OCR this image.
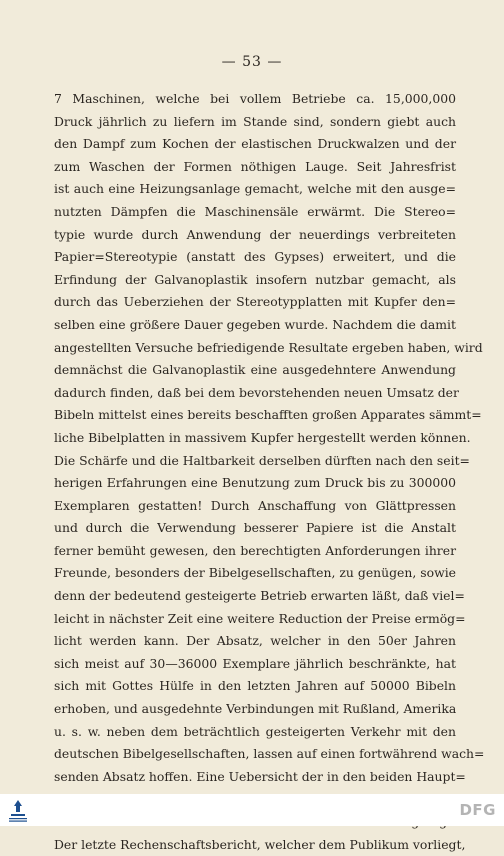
— 53 —
7 Maschinen, welche bei vollem Betriebe ca. 15,000,000
Druck jährlich zu liefern im Stande sind, sondern giebt auch
den Dampf zum Kochen der elastischen Druckwalzen und der
zum Waschen der Formen nöthigen Lauge. Seit Jahresfrist
ist auch eine Heizungsanlage gemacht, welche mit den ausge=
nutzten Dämpfen die Maschinensäle erwärmt. Die Stereo=
typie wurde durch Anwendung der neuerdings verbreiteten
Papier=Stereotypie (anstatt des Gypses) erweitert, und die
Erfindung der Galvanoplastik insofern nutzbar gemacht, als
durch das Ueberziehen der Stereotypplatten mit Kupfer den=
selben eine größere Dauer gegeben wurde. Nachdem die damit
angestellten Versuche befriedigende Resultate ergeben haben, wird
demnächst die Galvanoplastik eine ausgedehntere Anwendung
dadurch finden, daß bei dem bevorstehenden neuen Umsatz der
Bibeln mittelst eines bereits beschafften großen Apparates sämmt=
liche Bibelplatten in massivem Kupfer hergestellt werden können.
Die Schärfe und die Haltbarkeit derselben dürften nach den seit=
herigen Erfahrungen eine Benutzung zum Druck bis zu 300000
Exemplaren gestatten! Durch Anschaffung von Glättpressen
und durch die Verwendung besserer Papiere ist die Anstalt
ferner bemüht gewesen, den berechtigten Anforderungen ihrer
Freunde, besonders der Bibelgesellschaften, zu genügen, sowie
denn der bedeutend gesteigerte Betrieb erwarten läßt, daß viel=
leicht in nächster Zeit eine weitere Reduction der Preise ermög=
licht werden kann. Der Absatz, welcher in den 50er Jahren
sich meist auf 30—36000 Exemplare jährlich beschränkte, hat
sich mit Gottes Hülfe in den letzten Jahren auf 50000 Bibeln
erhoben, und ausgedehnte Verbindungen mit Rußland, Amerika
u. s. w. neben dem beträchtlich gesteigerten Verkehr mit den
deutschen Bibelgesellschaften, lassen auf einen fortwährend wach=
senden Absatz hoffen. Eine Uebersicht der in den beiden Haupt=
Der letzte Rechenschaftsbericht, welcher dem Publikum vorliegt,
DFG
